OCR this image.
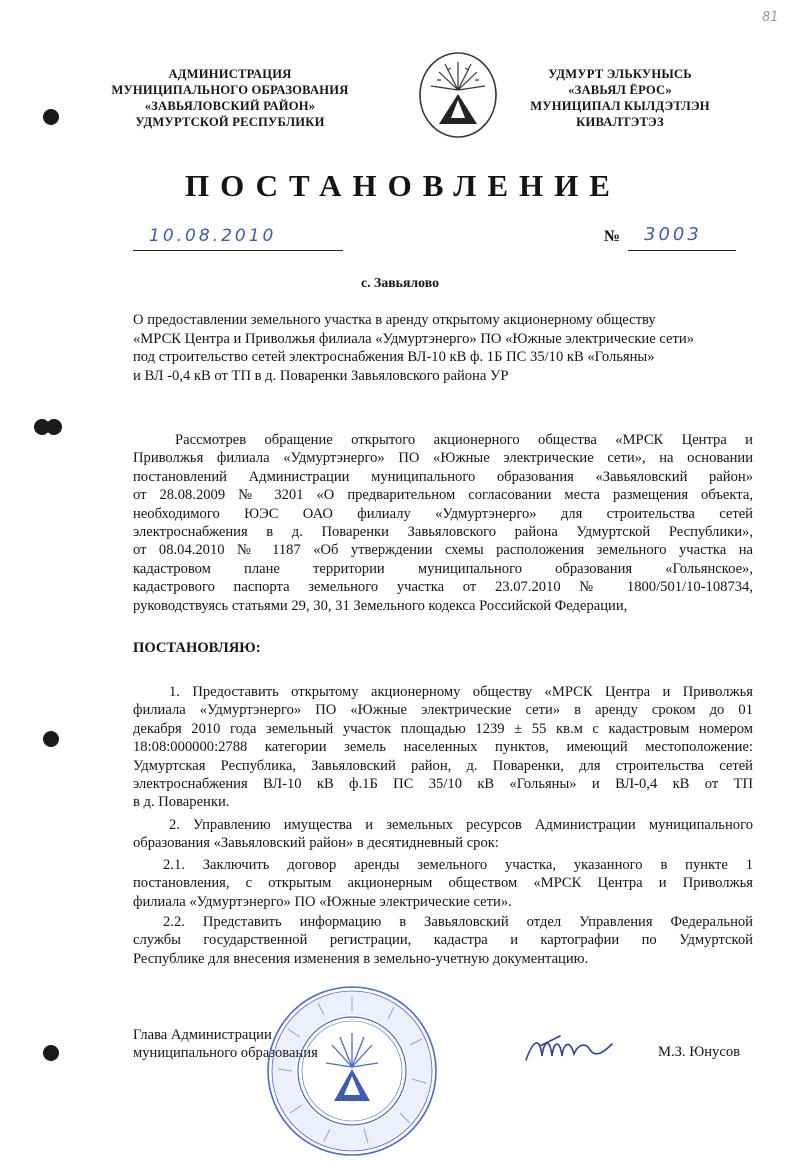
81
АДМИНИСТРАЦИЯ
МУНИЦИПАЛЬНОГО ОБРАЗОВАНИЯ
«ЗАВЬЯЛОВСКИЙ РАЙОН»
УДМУРТСКОЙ РЕСПУБЛИКИ
УДМУРТ ЭЛЬКУНЫСЬ
«ЗАВЬЯЛ ЁРОС»
МУНИЦИПАЛ КЫЛДЭТЛЭН
КИВАЛТЭТЭЗ
ПОСТАНОВЛЕНИЕ
10.08.2010	№ 3003
с. Завьялово
О предоставлении земельного участка в аренду открытому акционерному обществу
«МРСК Центра и Приволжья филиала «Удмуртэнерго» ПО «Южные электрические сети»
под строительство сетей электроснабжения ВЛ-10 кВ ф. 1Б ПС 35/10 кВ «Гольяны»
и ВЛ -0,4 кВ от ТП в д. Поваренки Завьяловского района УР
Рассмотрев обращение открытого акционерного общества «МРСК Центра и
Приволжья филиала «Удмуртэнерго» ПО «Южные электрические сети», на основании
постановлений Администрации муниципального образования «Завьяловский район»
от 28.08.2009 № 3201 «О предварительном согласовании места размещения объекта,
необходимого ЮЭС ОАО филиалу «Удмуртэнерго» для строительства сетей
электроснабжения в д. Поваренки Завьяловского района Удмуртской Республики»,
от 08.04.2010 № 1187 «Об утверждении схемы расположения земельного участка на
кадастровом плане территории муниципального образования «Гольянское»,
кадастрового паспорта земельного участка от 23.07.2010 № 1800/501/10-108734,
руководствуясь статьями 29, 30, 31 Земельного кодекса Российской Федерации,
ПОСТАНОВЛЯЮ:
1. Предоставить открытому акционерному обществу «МРСК Центра и Приволжья
филиала «Удмуртэнерго» ПО «Южные электрические сети» в аренду сроком до 01
декабря 2010 года земельный участок площадью 1239 ± 55 кв.м с кадастровым номером
18:08:000000:2788 категории земель населенных пунктов, имеющий местоположение:
Удмуртская Республика, Завьяловский район, д. Поваренки, для строительства сетей
электроснабжения ВЛ-10 кВ ф.1Б ПС 35/10 кВ «Гольяны» и ВЛ-0,4 кВ от ТП
в д. Поваренки.
2. Управлению имущества и земельных ресурсов Администрации муниципального
образования «Завьяловский район» в десятидневный срок:
2.1. Заключить договор аренды земельного участка, указанного в пункте 1
постановления, с открытым акционерным обществом «МРСК Центра и Приволжья
филиала «Удмуртэнерго» ПО «Южные электрические сети».
2.2. Представить информацию в Завьяловский отдел Управления Федеральной
службы государственной регистрации, кадастра и картографии по Удмуртской
Республике для внесения изменения в земельно-учетную документацию.
Глава Администрации
муниципального образования	М.З. Юнусов
